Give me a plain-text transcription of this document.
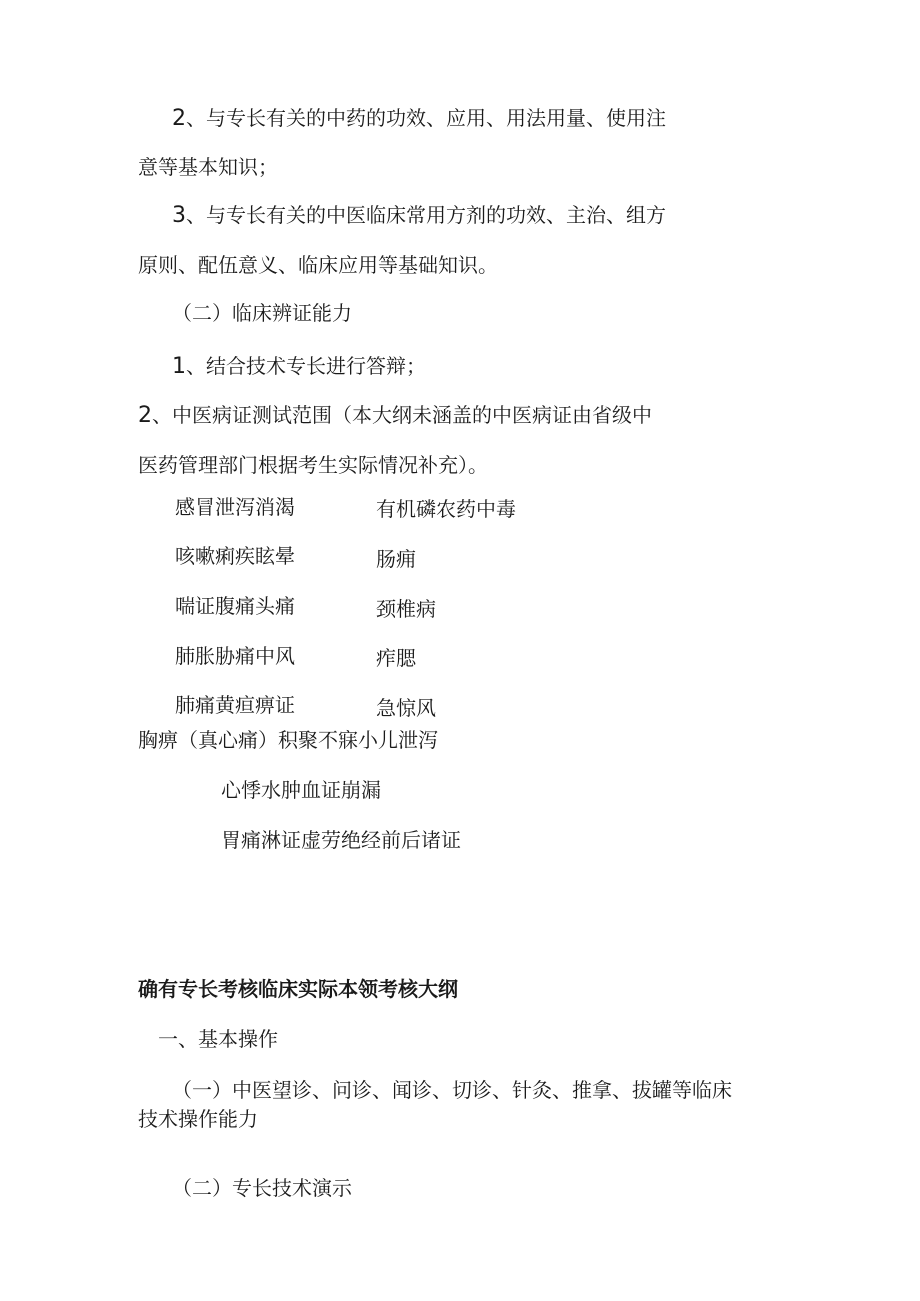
2、与专长有关的中药的功效、应用、用法用量、使用注
意等基本知识；
3、与专长有关的中医临床常用方剂的功效、主治、组方
原则、配伍意义、临床应用等基础知识。
（二）临床辨证能力
1、结合技术专长进行答辩；
2、中医病证测试范围（本大纲未涵盖的中医病证由省级中
医药管理部门根据考生实际情况补充）。
感冒泄泻消渴
咳嗽痢疾眩晕
喘证腹痛头痛
肺胀胁痛中风
肺痛黄疸痹证
有机磷农药中毒
肠痈
颈椎病
痄腮
急惊风
胸痹（真心痛）积聚不寐小儿泄泻
心悸水肿血证崩漏
胃痛淋证虚劳绝经前后诸证
确有专长考核临床实际本领考核大纲
一、基本操作
（一）中医望诊、问诊、闻诊、切诊、针灸、推拿、拔罐等临床
技术操作能力
（二）专长技术演示
